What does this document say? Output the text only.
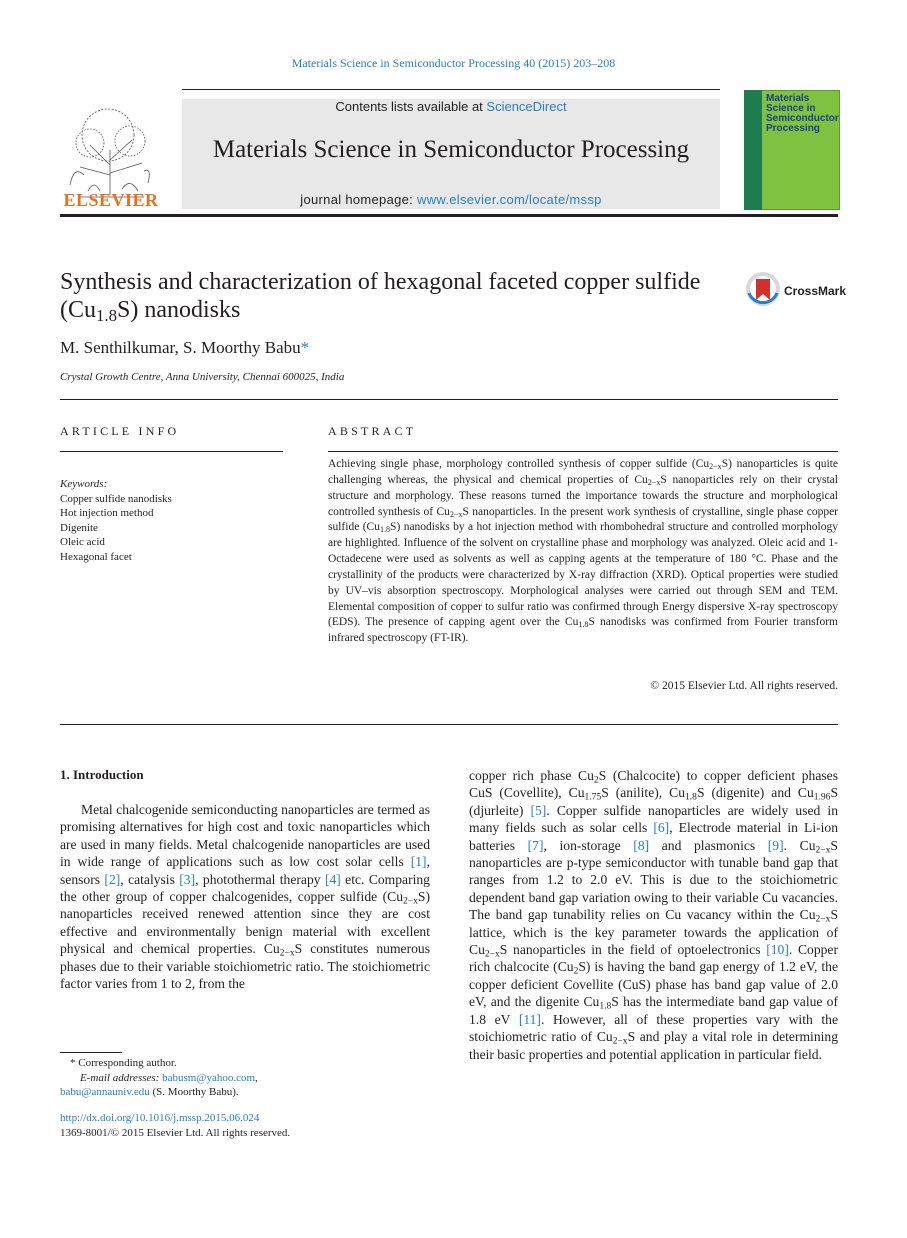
Materials Science in Semiconductor Processing 40 (2015) 203–208
ELSEVIER
Contents lists available at ScienceDirect
Materials Science in Semiconductor Processing
journal homepage: www.elsevier.com/locate/mssp
Materials Science in Semiconductor Processing
Synthesis and characterization of hexagonal faceted copper sulfide $(Cu_{1.8}S)$ nanodisks
CrossMark
M. Senthilkumar, S. Moorthy Babu*
Crystal Growth Centre, Anna University, Chennai 600025, India
ARTICLE INFO	ABSTRACT
Keywords:
Copper sulfide nanodisks
Hot injection method
Digenite
Oleic acid
Hexagonal facet
Achieving single phase, morphology controlled synthesis of copper sulfide $(Cu_{2-x}S)$ nanoparticles is quite challenging whereas, the physical and chemical properties of $Cu_{2-x}S$ nanoparticles rely on their crystal structure and morphology. These reasons turned the importance towards the structure and morphological controlled synthesis of $Cu_{2-x}S$ nanoparticles. In the present work synthesis of crystalline, single phase copper sulfide $(Cu_{1.8}S)$ nanodisks by a hot injection method with rhombohedral structure and controlled morphology are highlighted. Influence of the solvent on crystalline phase and morphology was analyzed. Oleic acid and 1-Octadecene were used as solvents as well as capping agents at the temperature of 180 °C. Phase and the crystallinity of the products were characterized by X-ray diffraction (XRD). Optical properties were studied by UV–vis absorption spectroscopy. Morphological analyses were carried out through SEM and TEM. Elemental composition of copper to sulfur ratio was confirmed through Energy dispersive X-ray spectroscopy (EDS). The presence of capping agent over the $Cu_{1.8}S$ nanodisks was confirmed from Fourier transform infrared spectroscopy (FT-IR).
© 2015 Elsevier Ltd. All rights reserved.
1. Introduction
Metal chalcogenide semiconducting nanoparticles are termed as promising alternatives for high cost and toxic nanoparticles which are used in many fields. Metal chalcogenide nanoparticles are used in wide range of applications such as low cost solar cells [1], sensors [2], catalysis [3], photothermal therapy [4] etc. Comparing the other group of copper chalcogenides, copper sulfide $(Cu_{2-x}S)$ nanoparticles received renewed attention since they are cost effective and environmentally benign material with excellent physical and chemical properties. $Cu_{2-x}S$ constitutes numerous phases due to their variable stoichiometric ratio. The stoichiometric factor varies from 1 to 2, from the
copper rich phase $Cu_2S$ (Chalcocite) to copper deficient phases CuS (Covellite), $Cu_{1.75}S$ (anilite), $Cu_{1.8}S$ (digenite) and $Cu_{1.96}S$ (djurleite) [5]. Copper sulfide nanoparticles are widely used in many fields such as solar cells [6], Electrode material in Li-ion batteries [7], ion-storage [8] and plasmonics [9]. $Cu_{2-x}S$ nanoparticles are p-type semiconductor with tunable band gap that ranges from 1.2 to 2.0 eV. This is due to the stoichiometric dependent band gap variation owing to their variable Cu vacancies. The band gap tunability relies on Cu vacancy within the $Cu_{2-x}S$ lattice, which is the key parameter towards the application of $Cu_{2-x}S$ nanoparticles in the field of optoelectronics [10]. Copper rich chalcocite $(Cu_2S)$ is having the band gap energy of 1.2 eV, the copper deficient Covellite (CuS) phase has band gap value of 2.0 eV, and the digenite $Cu_{1.8}S$ has the intermediate band gap value of 1.8 eV [11]. However, all of these properties vary with the stoichiometric ratio of $Cu_{2-x}S$ and play a vital role in determining their basic properties and potential application in particular field.
* Corresponding author.
E-mail addresses: babusm@yahoo.com,
babu@annauniv.edu (S. Moorthy Babu).
http://dx.doi.org/10.1016/j.mssp.2015.06.024
1369-8001/© 2015 Elsevier Ltd. All rights reserved.
